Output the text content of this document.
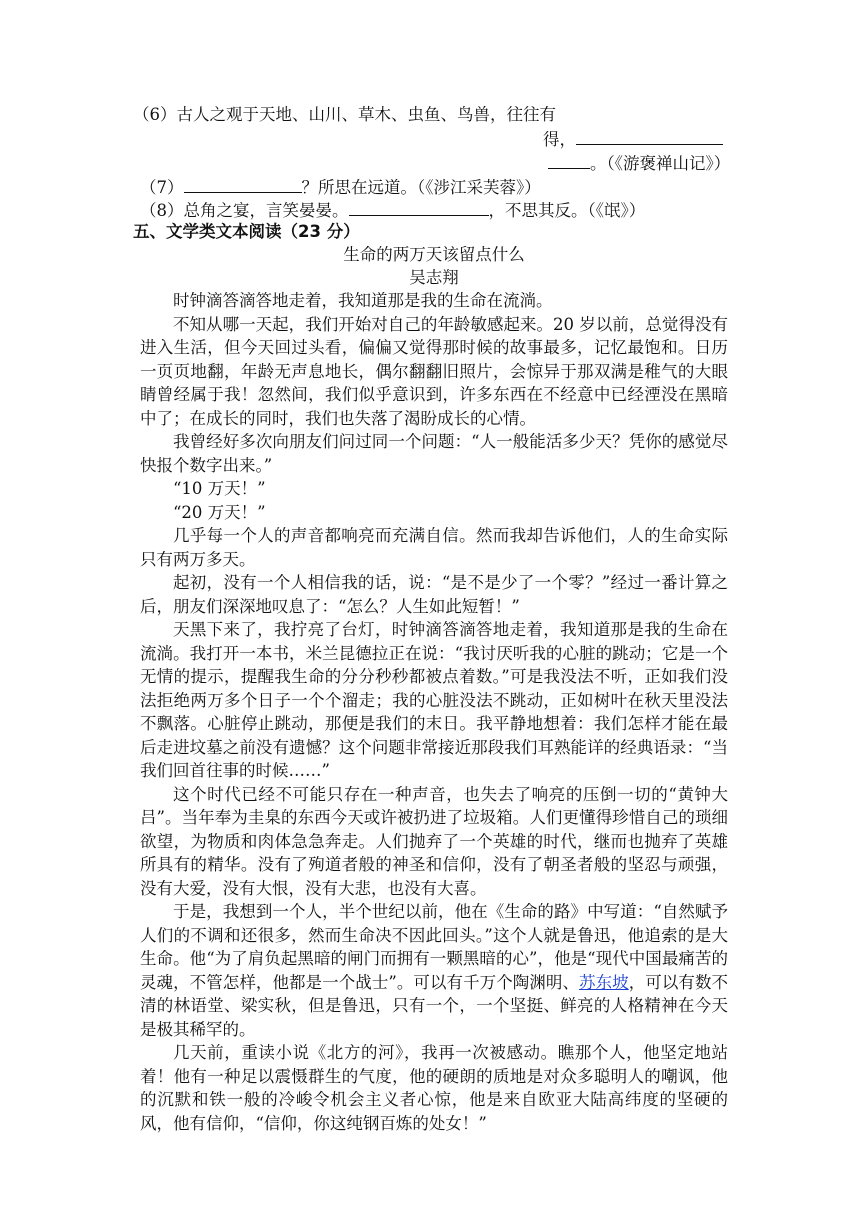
（6）古人之观于天地、山川、草木、虫鱼、鸟兽，往往有
得，
。（《游褒禅山记》）
（7）	？所思在远道。（《涉江采芙蓉》）
（8）总角之宴，言笑晏晏。	，不思其反。（《氓》）
五、文学类文本阅读（23 分）
生命的两万天该留点什么
吴志翔
时钟滴答滴答地走着，我知道那是我的生命在流淌。
不知从哪一天起，我们开始对自己的年龄敏感起来。20 岁以前，总觉得没有进入生活，但今天回过头看，偏偏又觉得那时候的故事最多，记忆最饱和。日历一页页地翻，年龄无声息地长，偶尔翻翻旧照片，会惊异于那双满是稚气的大眼睛曾经属于我！忽然间，我们似乎意识到，许多东西在不经意中已经湮没在黑暗中了；在成长的同时，我们也失落了渴盼成长的心情。
我曾经好多次向朋友们问过同一个问题：“人一般能活多少天？凭你的感觉尽快报个数字出来。”
“10 万天！”
“20 万天！”
几乎每一个人的声音都响亮而充满自信。然而我却告诉他们，人的生命实际只有两万多天。
起初，没有一个人相信我的话，说：“是不是少了一个零？”经过一番计算之后，朋友们深深地叹息了：“怎么？人生如此短暂！”
天黑下来了，我拧亮了台灯，时钟滴答滴答地走着，我知道那是我的生命在流淌。我打开一本书，米兰昆德拉正在说：“我讨厌听我的心脏的跳动；它是一个无情的提示，提醒我生命的分分秒秒都被点着数。”可是我没法不听，正如我们没法拒绝两万多个日子一个个溜走；我的心脏没法不跳动，正如树叶在秋天里没法不飘落。心脏停止跳动，那便是我们的末日。我平静地想着：我们怎样才能在最后走进坟墓之前没有遗憾？这个问题非常接近那段我们耳熟能详的经典语录：“当我们回首往事的时候……”
这个时代已经不可能只存在一种声音，也失去了响亮的压倒一切的“黄钟大吕”。当年奉为圭臬的东西今天或许被扔进了垃圾箱。人们更懂得珍惜自己的琐细欲望，为物质和肉体急急奔走。人们抛弃了一个英雄的时代，继而也抛弃了英雄所具有的精华。没有了殉道者般的神圣和信仰，没有了朝圣者般的坚忍与顽强，没有大爱，没有大恨，没有大悲，也没有大喜。
于是，我想到一个人，半个世纪以前，他在《生命的路》中写道：“自然赋予人们的不调和还很多，然而生命决不因此回头。”这个人就是鲁迅，他追索的是大生命。他“为了肩负起黑暗的闸门而拥有一颗黑暗的心”，他是“现代中国最痛苦的灵魂，不管怎样，他都是一个战士”。可以有千万个陶渊明、苏东坡，可以有数不清的林语堂、梁实秋，但是鲁迅，只有一个，一个坚挺、鲜亮的人格精神在今天是极其稀罕的。
几天前，重读小说《北方的河》，我再一次被感动。瞧那个人，他坚定地站着！他有一种足以震慑群生的气度，他的硬朗的质地是对众多聪明人的嘲讽，他的沉默和铁一般的冷峻令机会主义者心惊，他是来自欧亚大陆高纬度的坚硬的风，他有信仰，“信仰，你这纯钢百炼的处女！”
